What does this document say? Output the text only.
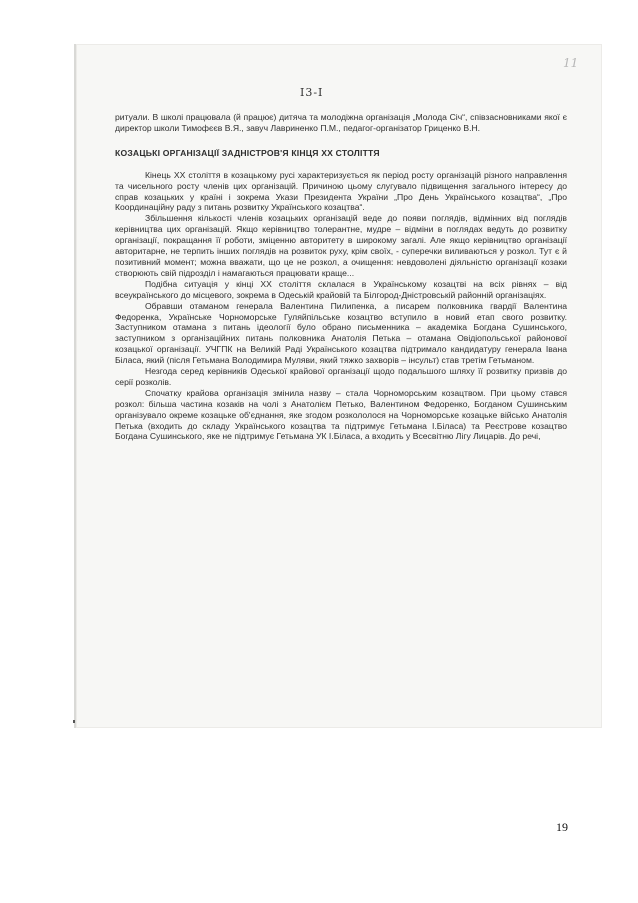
I3-I
11

ритуали. В школі працювала (й працює) дитяча та молодіжна організація „Молода Січ“, співзасновниками якої є директор школи Тимофєєв В.Я., завуч Лавриненко П.М., педагог-організатор Гриценко В.Н.

КОЗАЦЬКІ ОРГАНІЗАЦІЇ ЗАДНІСТРОВ'Я КІНЦЯ ХХ СТОЛІТТЯ

Кінець ХХ століття в козацькому русі характеризується як період росту організацій різного направлення та чисельного росту членів цих організацій. Причиною цьому слугувало підвищення загального інтересу до справ козацьких у країні і зокрема Укази Президента України „Про День Українського козацтва“, „Про Координаційну раду з питань розвитку Українського козацтва“.

Збільшення кількості членів козацьких організацій веде до появи поглядів, відмінних від поглядів керівництва цих організацій. Якщо керівництво толерантне, мудре – відміни в поглядах ведуть до розвитку організації, покращання її роботи, зміценню авторитету в широкому загалі. Але якщо керівництво організації авторитарне, не терпить інших поглядів на розвиток руху, крім своїх, - суперечки виливаються у розкол. Тут є й позитивний момент; можна вважати, що це не розкол, а очищення: невдоволені діяльністю організації козаки створюють свій підрозділ і намагаються працювати краще...

Подібна ситуація у кінці ХХ століття склалася в Українському козацтві на всіх рівнях – від всеукраїнського до місцевого, зокрема в Одеській крайовій та Білгород-Дністровській районній організаціях.

Обравши отаманом генерала Валентина Пилипенка, а писарем полковника гвардії Валентина Федоренка, Українське Чорноморське Гуляйпільське козацтво вступило в новий етап свого розвитку. Заступником отамана з питань ідеології було обрано письменника – академіка Богдана Сушинського, заступником з організаційних питань полковника Анатолія Петька – отамана Овідіопольської районової козацької організації. УЧГПК на Великій Раді Українського козацтва підтримало кандидатуру генерала Івана Біласа, який (після Гетьмана Володимира Муляви, який тяжко захворів – інсульт) став третім Гетьманом.

Незгода серед керівників Одеської крайової організації щодо подальшого шляху її розвитку призвів до серії розколів.

Спочатку крайова організація змінила назву – стала Чорноморським козацтвом. При цьому стався розкол: більша частина козаків на чолі з Анатолієм Петько, Валентином Федоренко, Богданом Сушинським організувало окреме козацьке об'єднання, яке згодом розкололося на Чорноморське козацьке військо Анатолія Петька (входить до складу Українського козацтва та підтримує Гетьмана І.Біласа) та Реєстрове козацтво Богдана Сушинського, яке не підтримує Гетьмана УК І.Біласа, а входить у Всесвітню Лігу Лицарів. До речі,

19
